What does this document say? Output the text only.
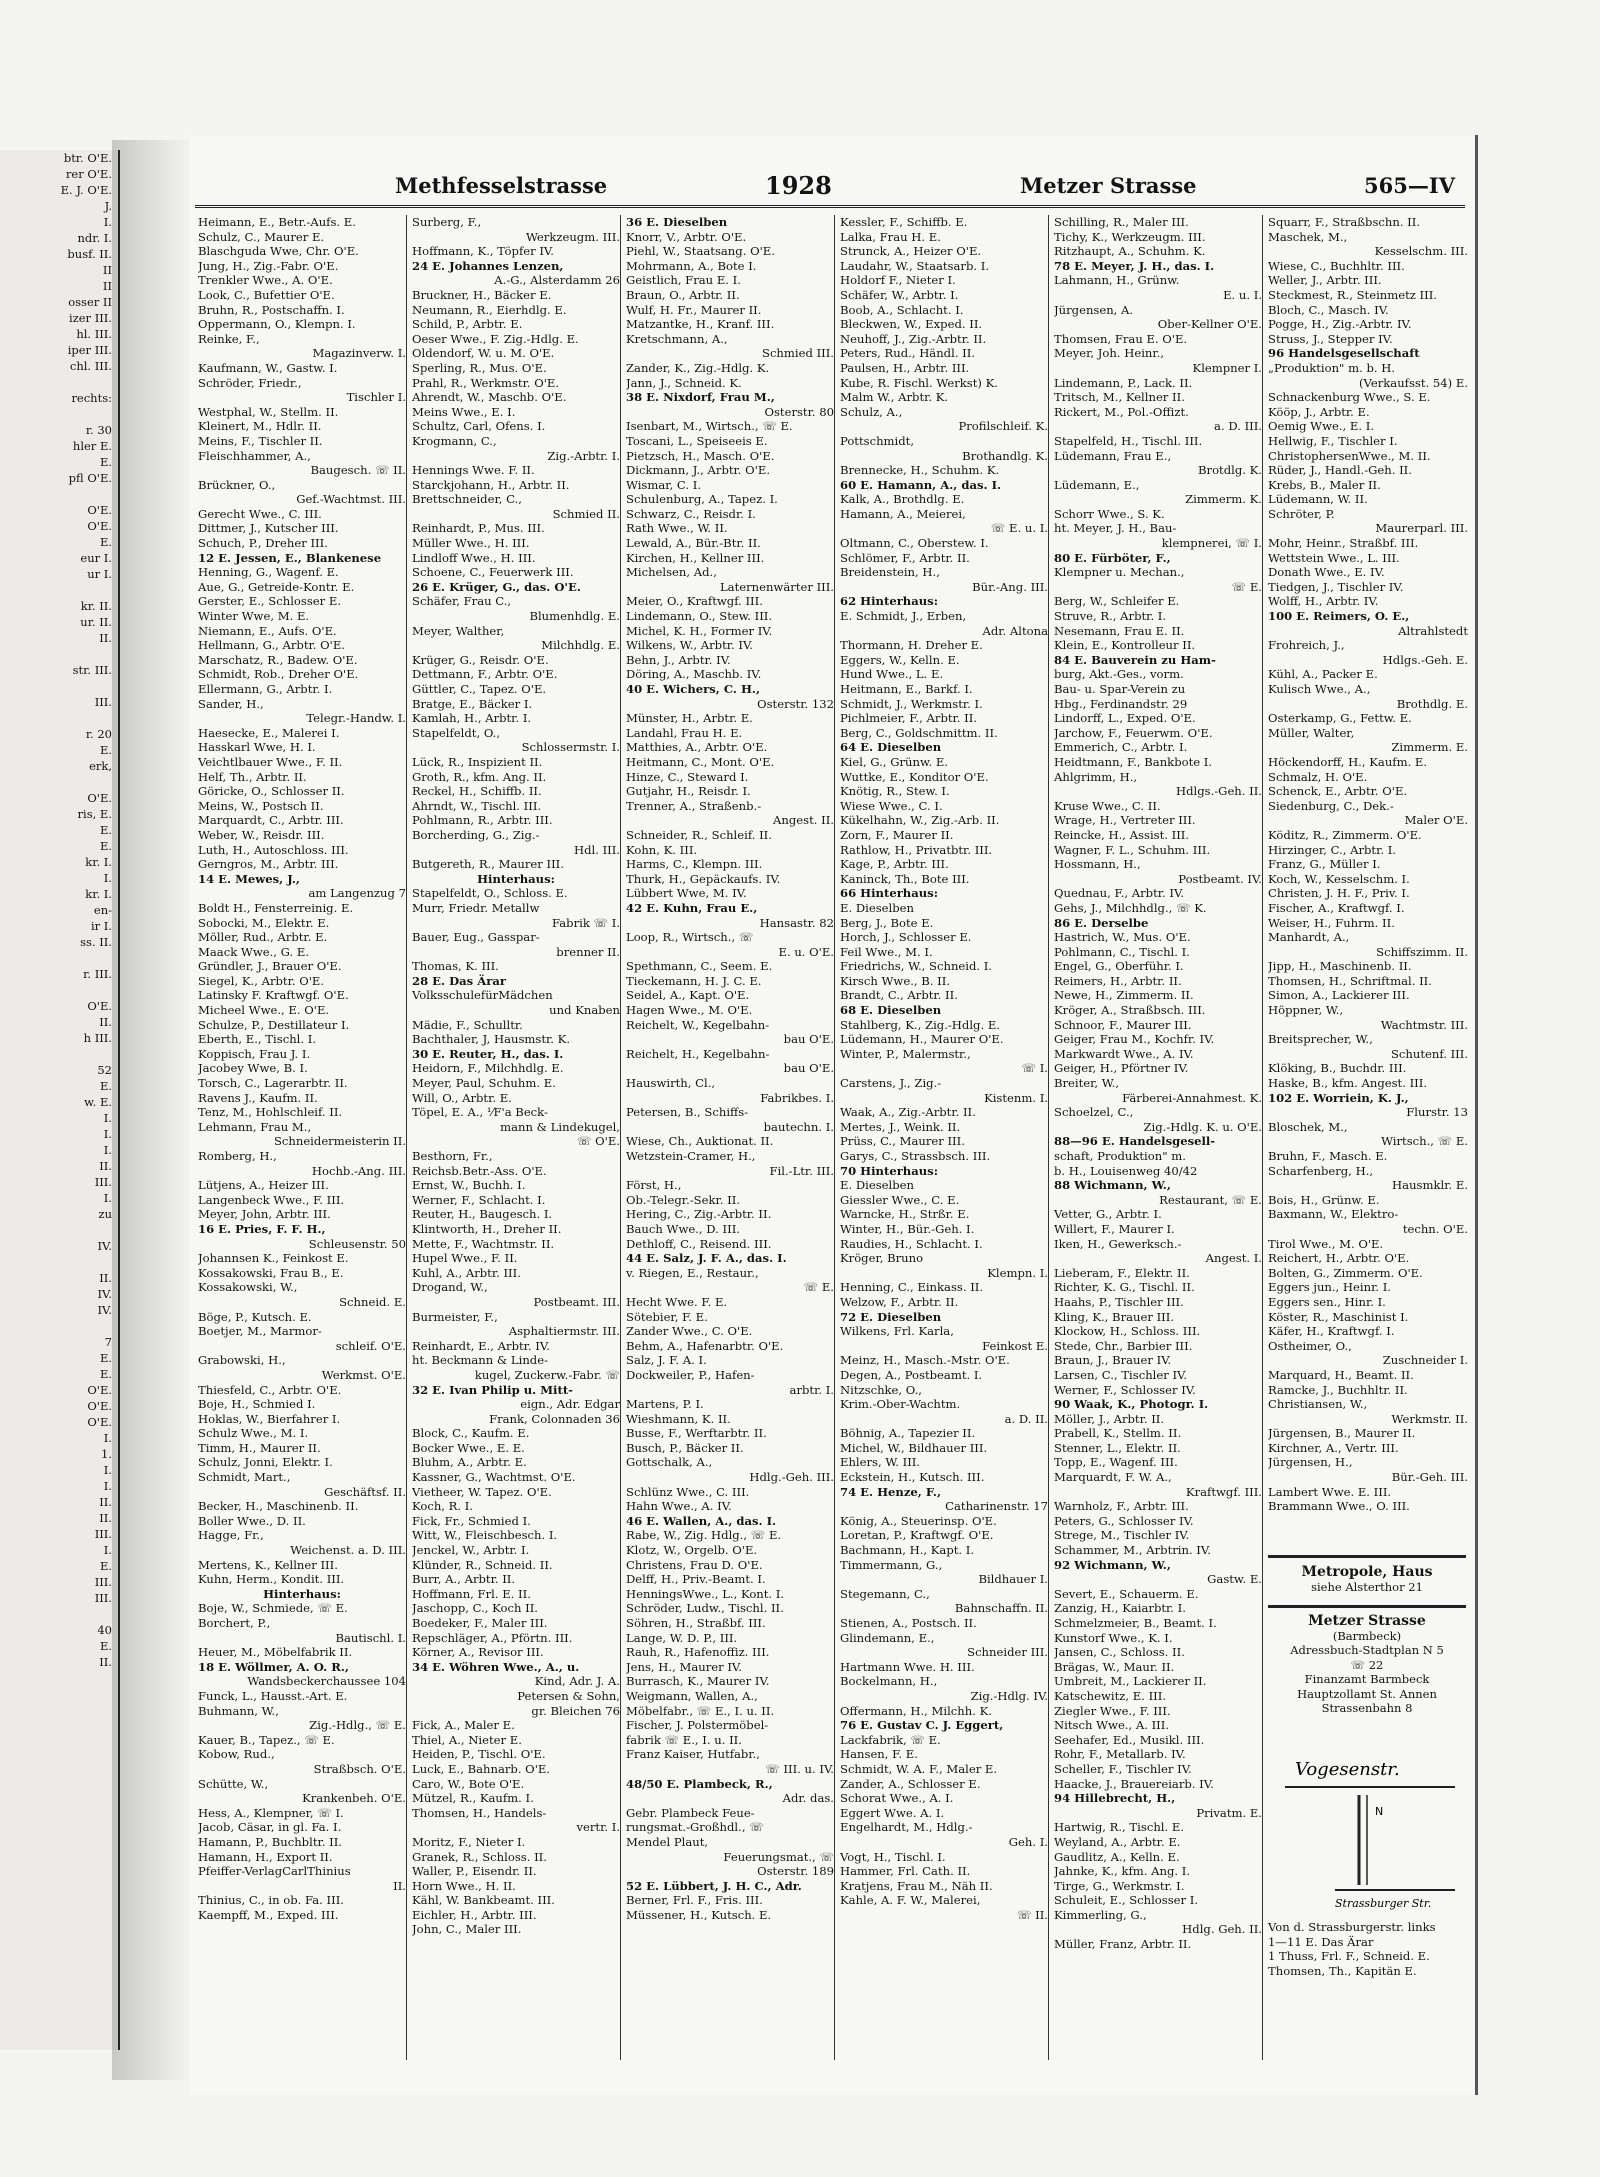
btr. O'E.
rer O'E.
E. J. O'E.
J.
I.
ndr. I.
busf. II.
II
II
osser II
izer III.
hl. III.
iper III.
chl. III.

rechts:

r. 30
hler E.
E.
pfl O'E.

O'E.
O'E.
E.
eur I.
ur I.

kr. II.
ur. II.
II.

str. III.

III.

r. 20
E.
erk,

O'E.
ris, E.
E.
E.
kr. I.
I.
kr. I.
en-
ir I.
ss. II.

r. III.

O'E.
II.
h III.

52
E.
w. E.
I.
I.
I.
II.
III.
I.
zu

IV.

II.
IV.
IV.

7
E.
E.
O'E.
O'E.
O'E.
I.
1.
I.
I.
II.
II.
III.
I.
E.
III.
III.

40
E.
II.
Methfesselstrasse	1928	Metzer Strasse	565—IV
Heimann, E., Betr.-Aufs. E.
Schulz, C., Maurer E.
Blaschguda Wwe, Chr. O'E.
Jung, H., Zig.-Fabr. O'E.
Trenkler Wwe., A. O'E.
Look, C., Bufettier O'E.
Bruhn, R., Postschaffn. I.
Oppermann, O., Klempn. I.
Reinke, F.,
Magazinverw. I.
Kaufmann, W., Gastw. I.
Schröder, Friedr.,
Tischler I.
Westphal, W., Stellm. II.
Kleinert, M., Hdlr. II.
Meins, F., Tischler II.
Fleischhammer, A.,
Baugesch. ☏ II.
Brückner, O.,
Gef.-Wachtmst. III.
Gerecht Wwe., C. III.
Dittmer, J., Kutscher III.
Schuch, P., Dreher III.
12 E. Jessen, E., Blankenese
Henning, G., Wagenf. E.
Aue, G., Getreide-Kontr. E.
Gerster, E., Schlosser E.
Winter Wwe, M. E.
Niemann, E., Aufs. O'E.
Hellmann, G., Arbtr. O'E.
Marschatz, R., Badew. O'E.
Schmidt, Rob., Dreher O'E.
Ellermann, G., Arbtr. I.
Sander, H.,
Telegr.-Handw. I.
Haesecke, E., Malerei I.
Hasskarl Wwe, H. I.
Veichtlbauer Wwe., F. II.
Helf, Th., Arbtr. II.
Göricke, O., Schlosser II.
Meins, W., Postsch II.
Marquardt, C., Arbtr. III.
Weber, W., Reisdr. III.
Luth, H., Autoschloss. III.
Gerngros, M., Arbtr. III.
14 E. Mewes, J.,
am Langenzug 7
Boldt H., Fensterreinig. E.
Sobocki, M., Elektr. E.
Möller, Rud., Arbtr. E.
Maack Wwe., G. E.
Gründler, J., Brauer O'E.
Siegel, K., Arbtr. O'E.
Latinsky F. Kraftwgf. O'E.
Micheel Wwe., E. O'E.
Schulze, P., Destillateur I.
Eberth, E., Tischl. I.
Koppisch, Frau J. I.
Jacobey Wwe, B. I.
Torsch, C., Lagerarbtr. II.
Ravens J., Kaufm. II.
Tenz, M., Hohlschleif. II.
Lehmann, Frau M.,
Schneidermeisterin II.
Romberg, H.,
Hochb.-Ang. III.
Lütjens, A., Heizer III.
Langenbeck Wwe., F. III.
Meyer, John, Arbtr. III.
16 E. Pries, F. F. H.,
Schleusenstr. 50
Johannsen K., Feinkost E.
Kossakowski, Frau B., E.
Kossakowski, W.,
Schneid. E.
Böge, P., Kutsch. E.
Boetjer, M., Marmor-
schleif. O'E.
Grabowski, H.,
Werkmst. O'E.
Thiesfeld, C., Arbtr. O'E.
Boje, H., Schmied I.
Hoklas, W., Bierfahrer I.
Schulz Wwe., M. I.
Timm, H., Maurer II.
Schulz, Jonni, Elektr. I.
Schmidt, Mart.,
Geschäftsf. II.
Becker, H., Maschinenb. II.
Boller Wwe., D. II.
Hagge, Fr.,
Weichenst. a. D. III.
Mertens, K., Kellner III.
Kuhn, Herm., Kondit. III.
Hinterhaus:
Boje, W., Schmiede, ☏ E.
Borchert, P.,
Bautischl. I.
Heuer, M., Möbelfabrik II.
18 E. Wöllmer, A. O. R.,
Wandsbeckerchaussee 104
Funck, L., Hausst.-Art. E.
Buhmann, W.,
Zig.-Hdlg., ☏ E.
Kauer, B., Tapez., ☏ E.
Kobow, Rud.,
Straßbsch. O'E.
Schütte, W.,
Krankenbeh. O'E.
Hess, A., Klempner, ☏ I.
Jacob, Cäsar, in gl. Fa. I.
Hamann, P., Buchbltr. II.
Hamann, H., Export II.
Pfeiffer-VerlagCarlThinius
II.
Thinius, C., in ob. Fa. III.
Kaempff, M., Exped. III.
Surberg, F.,
Werkzeugm. III.
Hoffmann, K., Töpfer IV.
24 E. Johannes Lenzen,
A.-G., Alsterdamm 26
Bruckner, H., Bäcker E.
Neumann, R., Eierhdlg. E.
Schild, P., Arbtr. E.
Oeser Wwe., F. Zig.-Hdlg. E.
Oldendorf, W. u. M. O'E.
Sperling, R., Mus. O'E.
Prahl, R., Werkmstr. O'E.
Ahrendt, W., Maschb. O'E.
Meins Wwe., E. I.
Schultz, Carl, Ofens. I.
Krogmann, C.,
Zig.-Arbtr. I.
Hennings Wwe. F. II.
Starckjohann, H., Arbtr. II.
Brettschneider, C.,
Schmied II.
Reinhardt, P., Mus. III.
Müller Wwe., H. III.
Lindloff Wwe., H. III.
Schoene, C., Feuerwerk III.
26 E. Krüger, G., das. O'E.
Schäfer, Frau C.,
Blumenhdlg. E.
Meyer, Walther,
Milchhdlg. E.
Krüger, G., Reisdr. O'E.
Dettmann, F., Arbtr. O'E.
Güttler, C., Tapez. O'E.
Bratge, E., Bäcker I.
Kamlah, H., Arbtr. I.
Stapelfeldt, O.,
Schlossermstr. I.
Lück, R., Inspizient II.
Groth, R., kfm. Ang. II.
Reckel, H., Schiffb. II.
Ahrndt, W., Tischl. III.
Pohlmann, R., Arbtr. III.
Borcherding, G., Zig.-
Hdl. III.
Butgereth, R., Maurer III.
Hinterhaus:
Stapelfeldt, O., Schloss. E.
Murr, Friedr. Metallw
Fabrik ☏ I.
Bauer, Eug., Gasspar-
brenner II.
Thomas, K. III.
28 E. Das Ärar
VolksschulefürMädchen
und Knaben
Mädie, F., Schulltr.
Bachthaler, J, Hausmstr. K.
30 E. Reuter, H., das. I.
Heidorn, F., Milchhdlg. E.
Meyer, Paul, Schuhm. E.
Will, O., Arbtr. E.
Töpel, E. A., ⅟F'a Beck-
mann & Lindekugel,
☏ O'E.
Besthorn, Fr.,
Reichsb.Betr.-Ass. O'E.
Ernst, W., Buchh. I.
Werner, F., Schlacht. I.
Reuter, H., Baugesch. I.
Klintworth, H., Dreher II.
Mette, F., Wachtmstr. II.
Hupel Wwe., F. II.
Kuhl, A., Arbtr. III.
Drogand, W.,
Postbeamt. III.
Burmeister, F.,
Asphaltiermstr. III.
Reinhardt, E., Arbtr. IV.
ht. Beckmann & Linde-
kugel, Zuckerw.-Fabr. ☏
32 E. Ivan Philip u. Mitt-
eign., Adr. Edgar
Frank, Colonnaden 36
Block, C., Kaufm. E.
Bocker Wwe., E. E.
Bluhm, A., Arbtr. E.
Kassner, G., Wachtmst. O'E.
Vietheer, W. Tapez. O'E.
Koch, R. I.
Fick, Fr., Schmied I.
Witt, W., Fleischbesch. I.
Jenckel, W., Arbtr. I.
Klünder, R., Schneid. II.
Burr, A., Arbtr. II.
Hoffmann, Frl. E. II.
Jaschopp, C., Koch II.
Boedeker, F., Maler III.
Repschläger, A., Pförtn. III.
Körner, A., Revisor III.
34 E. Wöhren Wwe., A., u.
Kind, Adr. J. A.
Petersen & Sohn,
gr. Bleichen 76
Fick, A., Maler E.
Thiel, A., Nieter E.
Heiden, P., Tischl. O'E.
Luck, E., Bahnarb. O'E.
Caro, W., Bote O'E.
Mützel, R., Kaufm. I.
Thomsen, H., Handels-
vertr. I.
Moritz, F., Nieter I.
Granek, R., Schloss. II.
Waller, P., Eisendr. II.
Horn Wwe., H. II.
Kähl, W. Bankbeamt. III.
Eichler, H., Arbtr. III.
John, C., Maler III.
36 E. Dieselben
Knorr, V., Arbtr. O'E.
Piehl, W., Staatsang. O'E.
Mohrmann, A., Bote I.
Geistlich, Frau E. I.
Braun, O., Arbtr. II.
Wulf, H. Fr., Maurer II.
Matzantke, H., Kranf. III.
Kretschmann, A.,
Schmied III.
Zander, K., Zig.-Hdlg. K.
Jann, J., Schneid. K.
38 E. Nixdorf, Frau M.,
Osterstr. 80
Isenbart, M., Wirtsch., ☏ E.
Toscani, L., Speiseeis E.
Pietzsch, H., Masch. O'E.
Dickmann, J., Arbtr. O'E.
Wismar, C. I.
Schulenburg, A., Tapez. I.
Schwarz, C., Reisdr. I.
Rath Wwe., W. II.
Lewald, A., Bür.-Btr. II.
Kirchen, H., Kellner III.
Michelsen, Ad.,
Laternenwärter III.
Meier, O., Kraftwgf. III.
Lindemann, O., Stew. III.
Michel, K. H., Former IV.
Wilkens, W., Arbtr. IV.
Behn, J., Arbtr. IV.
Döring, A., Maschb. IV.
40 E. Wichers, C. H.,
Osterstr. 132
Münster, H., Arbtr. E.
Landahl, Frau H. E.
Matthies, A., Arbtr. O'E.
Heitmann, C., Mont. O'E.
Hinze, C., Steward I.
Gutjahr, H., Reisdr. I.
Trenner, A., Straßenb.-
Angest. II.
Schneider, R., Schleif. II.
Kohn, K. III.
Harms, C., Klempn. III.
Thurk, H., Gepäckaufs. IV.
Lübbert Wwe, M. IV.
42 E. Kuhn, Frau E.,
Hansastr. 82
Loop, R., Wirtsch., ☏
E. u. O'E.
Spethmann, C., Seem. E.
Tieckemann, H. J. C. E.
Seidel, A., Kapt. O'E.
Hagen Wwe., M. O'E.
Reichelt, W., Kegelbahn-
bau O'E.
Reichelt, H., Kegelbahn-
bau O'E.
Hauswirth, Cl.,
Fabrikbes. I.
Petersen, B., Schiffs-
bautechn. I.
Wiese, Ch., Auktionat. II.
Wetzstein-Cramer, H.,
Fil.-Ltr. III.
Först, H.,
Ob.-Telegr.-Sekr. II.
Hering, C., Zig.-Arbtr. II.
Bauch Wwe., D. III.
Dethloff, C., Reisend. III.
44 E. Salz, J. F. A., das. I.
v. Riegen, E., Restaur.,
☏ E.
Hecht Wwe. F. E.
Sötebier, F. E.
Zander Wwe., C. O'E.
Behm, A., Hafenarbtr. O'E.
Salz, J. F. A. I.
Dockweiler, P., Hafen-
arbtr. I.
Martens, P. I.
Wieshmann, K. II.
Busse, F., Werftarbtr. II.
Busch, P., Bäcker II.
Gottschalk, A.,
Hdlg.-Geh. III.
Schlünz Wwe., C. III.
Hahn Wwe., A. IV.
46 E. Wallen, A., das. I.
Rabe, W., Zig. Hdlg., ☏ E.
Klotz, W., Orgelb. O'E.
Christens, Frau D. O'E.
Delff, H., Priv.-Beamt. I.
HenningsWwe., L., Kont. I.
Schröder, Ludw., Tischl. II.
Söhren, H., Straßbf. III.
Lange, W. D. P., III.
Rauh, R., Hafenoffiz. III.
Jens, H., Maurer IV.
Burrasch, K., Maurer IV.
Weigmann, Wallen, A.,
Möbelfabr., ☏ E., I. u. II.
Fischer, J. Polstermöbel-
fabrik ☏ E., I. u. II.
Franz Kaiser, Hutfabr.,
☏ III. u. IV.
48/50 E. Plambeck, R.,
Adr. das.
Gebr. Plambeck Feue-
rungsmat.-Großhdl., ☏
Mendel Plaut,
Feuerungsmat., ☏
Osterstr. 189
52 E. Lübbert, J. H. C., Adr.
Berner, Frl. F., Fris. III.
Müssener, H., Kutsch. E.
Kessler, F., Schiffb. E.
Lalka, Frau H. E.
Strunck, A., Heizer O'E.
Laudahr, W., Staatsarb. I.
Holdorf F., Nieter I.
Schäfer, W., Arbtr. I.
Boob, A., Schlacht. I.
Bleckwen, W., Exped. II.
Neuhoff, J., Zig.-Arbtr. II.
Peters, Rud., Händl. II.
Paulsen, H., Arbtr. III.
Kube, R. Fischl. Werkst) K.
Malm W., Arbtr. K.
Schulz, A.,
Profilschleif. K.
Pottschmidt,
Brothandlg. K.
Brennecke, H., Schuhm. K.
60 E. Hamann, A., das. I.
Kalk, A., Brothdlg. E.
Hamann, A., Meierei,
☏ E. u. I.
Oltmann, C., Oberstew. I.
Schlömer, F., Arbtr. II.
Breidenstein, H.,
Bür.-Ang. III.
62 Hinterhaus:
E. Schmidt, J., Erben,
Adr. Altona
Thormann, H. Dreher E.
Eggers, W., Kelln. E.
Hund Wwe., L. E.
Heitmann, E., Barkf. I.
Schmidt, J., Werkmstr. I.
Pichlmeier, F., Arbtr. II.
Berg, C., Goldschmittm. II.
64 E. Dieselben
Kiel, G., Grünw. E.
Wuttke, E., Konditor O'E.
Knötig, R., Stew. I.
Wiese Wwe., C. I.
Kükelhahn, W., Zig.-Arb. II.
Zorn, F., Maurer II.
Rathlow, H., Privatbtr. III.
Kage, P., Arbtr. III.
Kaninck, Th., Bote III.
66 Hinterhaus:
E. Dieselben
Berg, J., Bote E.
Horch, J., Schlosser E.
Feil Wwe., M. I.
Friedrichs, W., Schneid. I.
Kirsch Wwe., B. II.
Brandt, C., Arbtr. II.
68 E. Dieselben
Stahlberg, K., Zig.-Hdlg. E.
Lüdemann, H., Maurer O'E.
Winter, P., Malermstr.,
☏ I.
Carstens, J., Zig.-
Kistenm. I.
Waak, A., Zig.-Arbtr. II.
Mertes, J., Weink. II.
Prüss, C., Maurer III.
Garys, C., Strassbsch. III.
70 Hinterhaus:
E. Dieselben
Giessler Wwe., C. E.
Warncke, H., Strßr. E.
Winter, H., Bür.-Geh. I.
Raudies, H., Schlacht. I.
Kröger, Bruno
Klempn. I.
Henning, C., Einkass. II.
Welzow, F., Arbtr. II.
72 E. Dieselben
Wilkens, Frl. Karla,
Feinkost E.
Meinz, H., Masch.-Mstr. O'E.
Degen, A., Postbeamt. I.
Nitzschke, O.,
Krim.-Ober-Wachtm.
a. D. II.
Böhnig, A., Tapezier II.
Michel, W., Bildhauer III.
Ehlers, W. III.
Eckstein, H., Kutsch. III.
74 E. Henze, F.,
Catharinenstr. 17
König, A., Steuerinsp. O'E.
Loretan, P., Kraftwgf. O'E.
Bachmann, H., Kapt. I.
Timmermann, G.,
Bildhauer I.
Stegemann, C.,
Bahnschaffn. II.
Stienen, A., Postsch. II.
Glindemann, E.,
Schneider III.
Hartmann Wwe. H. III.
Bockelmann, H.,
Zig.-Hdlg. IV.
Offermann, H., Milchh. K.
76 E. Gustav C. J. Eggert,
Lackfabrik, ☏ E.
Hansen, F. E.
Schmidt, W. A. F., Maler E.
Zander, A., Schlosser E.
Schorat Wwe., A. I.
Eggert Wwe. A. I.
Engelhardt, M., Hdlg.-
Geh. I.
Vogt, H., Tischl. I.
Hammer, Frl. Cath. II.
Kratjens, Frau M., Näh II.
Kahle, A. F. W., Malerei,
☏ II.
Schilling, R., Maler III.
Tichy, K., Werkzeugm. III.
Ritzhaupt, A., Schuhm. K.
78 E. Meyer, J. H., das. I.
Lahmann, H., Grünw.
E. u. I.
Jürgensen, A.
Ober-Kellner O'E.
Thomsen, Frau E. O'E.
Meyer, Joh. Heinr.,
Klempner I.
Lindemann, P., Lack. II.
Tritsch, M., Kellner II.
Rickert, M., Pol.-Offizt.
a. D. III.
Stapelfeld, H., Tischl. III.
Lüdemann, Frau E.,
Brotdlg. K.
Lüdemann, E.,
Zimmerm. K.
Schorr Wwe., S. K.
ht. Meyer, J. H., Bau-
klempnerei, ☏ I.
80 E. Fürböter, F.,
Klempner u. Mechan.,
☏ E.
Berg, W., Schleifer E.
Struve, R., Arbtr. I.
Nesemann, Frau E. II.
Klein, E., Kontrolleur II.
84 E. Bauverein zu Ham-
burg, Akt.-Ges., vorm.
Bau- u. Spar-Verein zu
Hbg., Ferdinandstr. 29
Lindorff, L., Exped. O'E.
Jarchow, F., Feuerwm. O'E.
Emmerich, C., Arbtr. I.
Heidtmann, F., Bankbote I.
Ahlgrimm, H.,
Hdlgs.-Geh. II.
Kruse Wwe., C. II.
Wrage, H., Vertreter III.
Reincke, H., Assist. III.
Wagner, F. L., Schuhm. III.
Hossmann, H.,
Postbeamt. IV.
Quednau, F., Arbtr. IV.
Gehs, J., Milchhdlg., ☏ K.
86 E. Derselbe
Hastrich, W., Mus. O'E.
Pohlmann, C., Tischl. I.
Engel, G., Oberführ. I.
Reimers, H., Arbtr. II.
Newe, H., Zimmerm. II.
Kröger, A., Straßbsch. III.
Schnoor, F., Maurer III.
Geiger, Frau M., Kochfr. IV.
Markwardt Wwe., A. IV.
Geiger, H., Pförtner IV.
Breiter, W.,
Färberei-Annahmest. K.
Schoelzel, C.,
Zig.-Hdlg. K. u. O'E.
88—96 E. Handelsgesell-
schaft, Produktion" m.
b. H., Louisenweg 40/42
88 Wichmann, W.,
Restaurant, ☏ E.
Vetter, G., Arbtr. I.
Willert, F., Maurer I.
Iken, H., Gewerksch.-
Angest. I.
Lieberam, F., Elektr. II.
Richter, K. G., Tischl. II.
Haahs, P., Tischler III.
Kling, K., Brauer III.
Klockow, H., Schloss. III.
Stede, Chr., Barbier III.
Braun, J., Brauer IV.
Larsen, C., Tischler IV.
Werner, F., Schlosser IV.
90 Waak, K., Photogr. I.
Möller, J., Arbtr. II.
Prabell, K., Stellm. II.
Stenner, L., Elektr. II.
Topp, E., Wagenf. III.
Marquardt, F. W. A.,
Kraftwgf. III.
Warnholz, F., Arbtr. III.
Peters, G., Schlosser IV.
Strege, M., Tischler IV.
Schammer, M., Arbtrin. IV.
92 Wichmann, W.,
Gastw. E.
Severt, E., Schauerm. E.
Zanzig, H., Kaiarbtr. I.
Schmelzmeier, B., Beamt. I.
Kunstorf Wwe., K. I.
Jansen, C., Schloss. II.
Brägas, W., Maur. II.
Umbreit, M., Lackierer II.
Katschewitz, E. III.
Ziegler Wwe., F. III.
Nitsch Wwe., A. III.
Seehafer, Ed., Musikl. III.
Rohr, F., Metallarb. IV.
Scheller, F., Tischler IV.
Haacke, J., Brauereiarb. IV.
94 Hillebrecht, H.,
Privatm. E.
Hartwig, R., Tischl. E.
Weyland, A., Arbtr. E.
Gaudlitz, A., Kelln. E.
Jahnke, K., kfm. Ang. I.
Tirge, G., Werkmstr. I.
Schuleit, E., Schlosser I.
Kimmerling, G.,
Hdlg. Geh. II.
Müller, Franz, Arbtr. II.
Squarr, F., Straßbschn. II.
Maschek, M.,
Kesselschm. III.
Wiese, C., Buchhltr. III.
Weller, J., Arbtr. III.
Steckmest, R., Steinmetz III.
Bloch, C., Masch. IV.
Pogge, H., Zig.-Arbtr. IV.
Struss, J., Stepper IV.
96 Handelsgesellschaft
„Produktion" m. b. H.
(Verkaufsst. 54) E.
Schnackenburg Wwe., S. E.
Kööp, J., Arbtr. E.
Oemig Wwe., E. I.
Hellwig, F., Tischler I.
ChristophersenWwe., M. II.
Rüder, J., Handl.-Geh. II.
Krebs, B., Maler II.
Lüdemann, W. II.
Schröter, P.
Maurerparl. III.
Mohr, Heinr., Straßbf. III.
Wettstein Wwe., L. III.
Donath Wwe., E. IV.
Tiedgen, J., Tischler IV.
Wolff, H., Arbtr. IV.
100 E. Reimers, O. E.,
Altrahlstedt
Frohreich, J.,
Hdlgs.-Geh. E.
Kühl, A., Packer E.
Kulisch Wwe., A.,
Brothdlg. E.
Osterkamp, G., Fettw. E.
Müller, Walter,
Zimmerm. E.
Höckendorff, H., Kaufm. E.
Schmalz, H. O'E.
Schenck, E., Arbtr. O'E.
Siedenburg, C., Dek.-
Maler O'E.
Köditz, R., Zimmerm. O'E.
Hirzinger, C., Arbtr. I.
Franz, G., Müller I.
Koch, W., Kesselschm. I.
Christen, J. H. F., Priv. I.
Fischer, A., Kraftwgf. I.
Weiser, H., Fuhrm. II.
Manhardt, A.,
Schiffszimm. II.
Jipp, H., Maschinenb. II.
Thomsen, H., Schriftmal. II.
Simon, A., Lackierer III.
Höppner, W.,
Wachtmstr. III.
Breitsprecher, W.,
Schutenf. III.
Klöking, B., Buchdr. III.
Haske, B., kfm. Angest. III.
102 E. Worriein, K. J.,
Flurstr. 13
Bloschek, M.,
Wirtsch., ☏ E.
Bruhn, F., Masch. E.
Scharfenberg, H.,
Hausmklr. E.
Bois, H., Grünw. E.
Baxmann, W., Elektro-
techn. O'E.
Tirol Wwe., M. O'E.
Reichert, H., Arbtr. O'E.
Bolten, G., Zimmerm. O'E.
Eggers jun., Heinr. I.
Eggers sen., Hinr. I.
Köster, R., Maschinist I.
Käfer, H., Kraftwgf. I.
Ostheimer, O.,
Zuschneider I.
Marquard, H., Beamt. II.
Ramcke, J., Buchhltr. II.
Christiansen, W.,
Werkmstr. II.
Jürgensen, B., Maurer II.
Kirchner, A., Vertr. III.
Jürgensen, H.,
Bür.-Geh. III.
Lambert Wwe. E. III.
Brammann Wwe., O. III.
Metropole, Haus
siehe Alsterthor 21
Metzer Strasse
(Barmbeck)
Adressbuch-Stadtplan N 5
☏ 22
Finanzamt Barmbeck
Hauptzollamt St. Annen
Strassenbahn 8
Vogesenstr.
N
Strassburger Str.
Von d. Strassburgerstr. links
1—11 E. Das Ärar
1 Thuss, Frl. F., Schneid. E.
Thomsen, Th., Kapitän E.
